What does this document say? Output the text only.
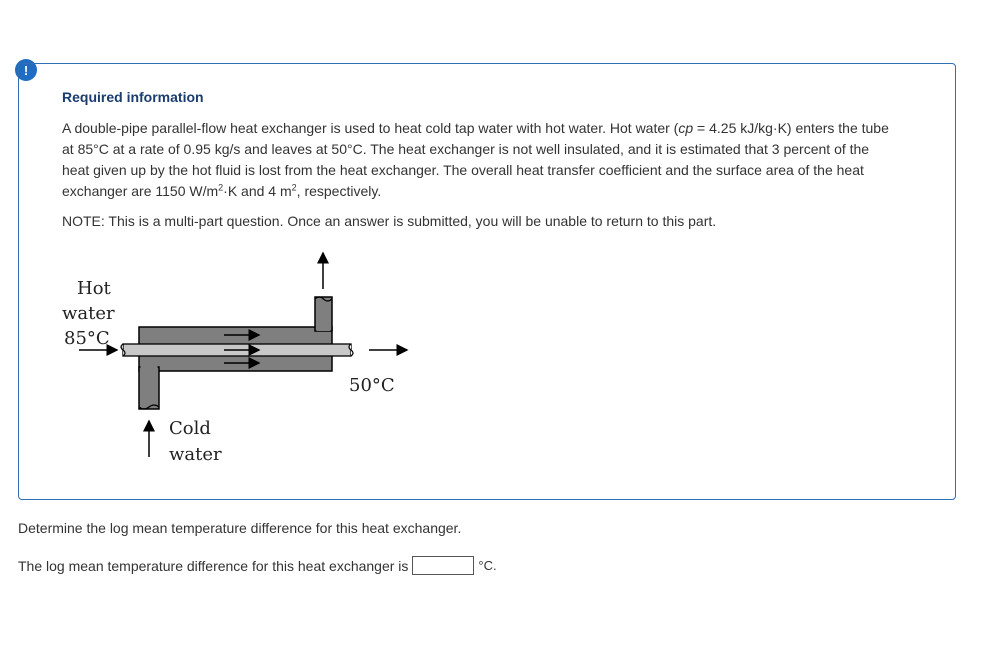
!
Required information
A double-pipe parallel-flow heat exchanger is used to heat cold tap water with hot water. Hot water (cp = 4.25 kJ/kg·K) enters the tube at 85°C at a rate of 0.95 kg/s and leaves at 50°C. The heat exchanger is not well insulated, and it is estimated that 3 percent of the heat given up by the hot fluid is lost from the heat exchanger. The overall heat transfer coefficient and the surface area of the heat exchanger are 1150 $W/m^2\cdot K$ and 4 $m^2$, respectively.
NOTE: This is a multi-part question. Once an answer is submitted, you will be unable to return to this part.
Hot
water
85°C
50°C
Cold
water
Determine the log mean temperature difference for this heat exchanger.
The log mean temperature difference for this heat exchanger is	°C.
